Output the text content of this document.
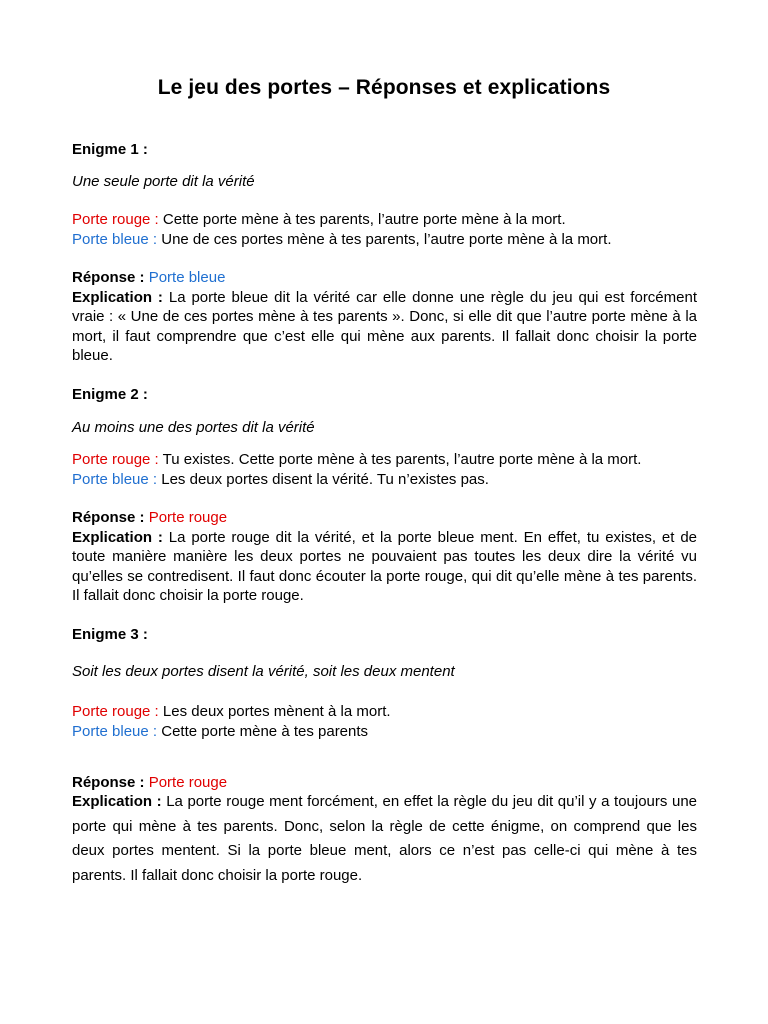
Le jeu des portes – Réponses et explications
Enigme 1 :
Une seule porte dit la vérité
Porte rouge : Cette porte mène à tes parents, l’autre porte mène à la mort.
Porte bleue : Une de ces portes mène à tes parents, l’autre porte mène à la mort.
Réponse : Porte bleue
Explication : La porte bleue dit la vérité car elle donne une règle du jeu qui est forcément vraie : « Une de ces portes mène à tes parents ». Donc, si elle dit que l’autre porte mène à la mort, il faut comprendre que c’est elle qui mène aux parents. Il fallait donc choisir la porte bleue.
Enigme 2 :
Au moins une des portes dit la vérité
Porte rouge : Tu existes. Cette porte mène à tes parents, l’autre porte mène à la mort.
Porte bleue : Les deux portes disent la vérité. Tu n’existes pas.
Réponse : Porte rouge
Explication : La porte rouge dit la vérité, et la porte bleue ment. En effet, tu existes, et de toute manière manière les deux portes ne pouvaient pas toutes les deux dire la vérité vu qu’elles se contredisent. Il faut donc écouter la porte rouge, qui dit qu’elle mène à tes parents. Il fallait donc choisir la porte rouge.
Enigme 3 :
Soit les deux portes disent la vérité, soit les deux mentent
Porte rouge : Les deux portes mènent à la mort.
Porte bleue : Cette porte mène à tes parents
Réponse : Porte rouge
Explication : La porte rouge ment forcément, en effet la règle du jeu dit qu’il y a toujours une porte qui mène à tes parents. Donc, selon la règle de cette énigme, on comprend que les deux portes mentent. Si la porte bleue ment, alors ce n’est pas celle-ci qui mène à tes parents. Il fallait donc choisir la porte rouge.
